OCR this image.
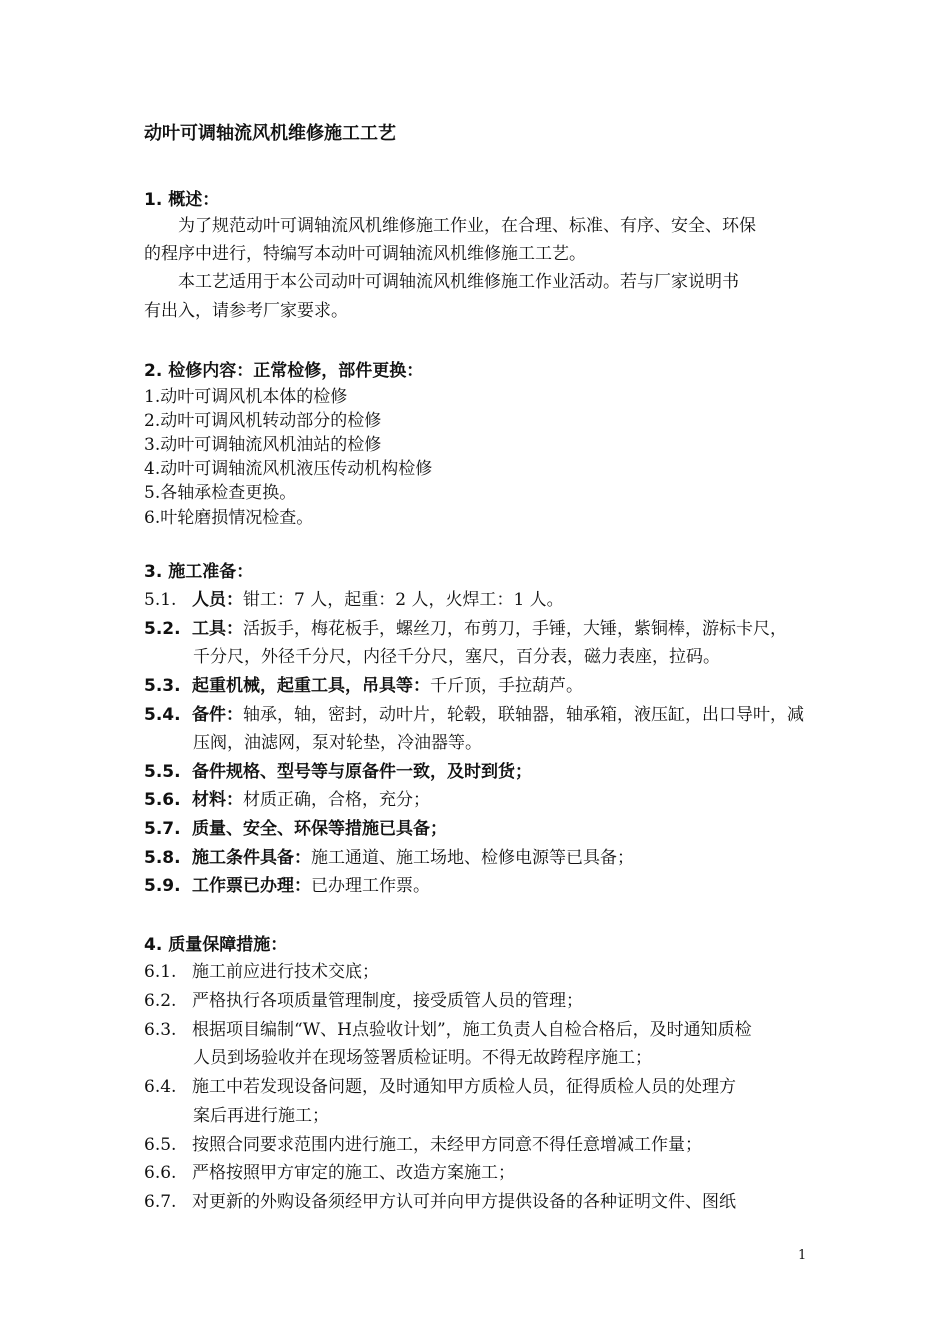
动叶可调轴流风机维修施工工艺
1. 概述：
为了规范动叶可调轴流风机维修施工作业，在合理、标准、有序、安全、环保
的程序中进行，特编写本动叶可调轴流风机维修施工工艺。
本工艺适用于本公司动叶可调轴流风机维修施工作业活动。若与厂家说明书
有出入，请参考厂家要求。
2. 检修内容：正常检修，部件更换：
1.动叶可调风机本体的检修
2.动叶可调风机转动部分的检修
3.动叶可调轴流风机油站的检修
4.动叶可调轴流风机液压传动机构检修
5.各轴承检查更换。
6.叶轮磨损情况检查。
3. 施工准备：
5.1. 人员：钳工：7 人，起重：2 人，火焊工：1 人。
5.2. 工具：活扳手，梅花板手，螺丝刀，布剪刀，手锤，大锤，紫铜棒，游标卡尺，
千分尺，外径千分尺，内径千分尺，塞尺，百分表，磁力表座，拉码。
5.3. 起重机械，起重工具，吊具等：千斤顶，手拉葫芦。
5.4. 备件：轴承，轴，密封，动叶片，轮毂，联轴器，轴承箱，液压缸，出口导叶，减
压阀，油滤网，泵对轮垫，冷油器等。
5.5. 备件规格、型号等与原备件一致，及时到货；
5.6. 材料：材质正确，合格，充分；
5.7. 质量、安全、环保等措施已具备；
5.8. 施工条件具备：施工通道、施工场地、检修电源等已具备；
5.9. 工作票已办理：已办理工作票。
4. 质量保障措施：
6.1. 施工前应进行技术交底；
6.2. 严格执行各项质量管理制度，接受质管人员的管理；
6.3. 根据项目编制“W、H点验收计划”，施工负责人自检合格后，及时通知质检
人员到场验收并在现场签署质检证明。不得无故跨程序施工；
6.4. 施工中若发现设备问题，及时通知甲方质检人员，征得质检人员的处理方
案后再进行施工；
6.5. 按照合同要求范围内进行施工，未经甲方同意不得任意增减工作量；
6.6. 严格按照甲方审定的施工、改造方案施工；
6.7. 对更新的外购设备须经甲方认可并向甲方提供设备的各种证明文件、图纸
1
